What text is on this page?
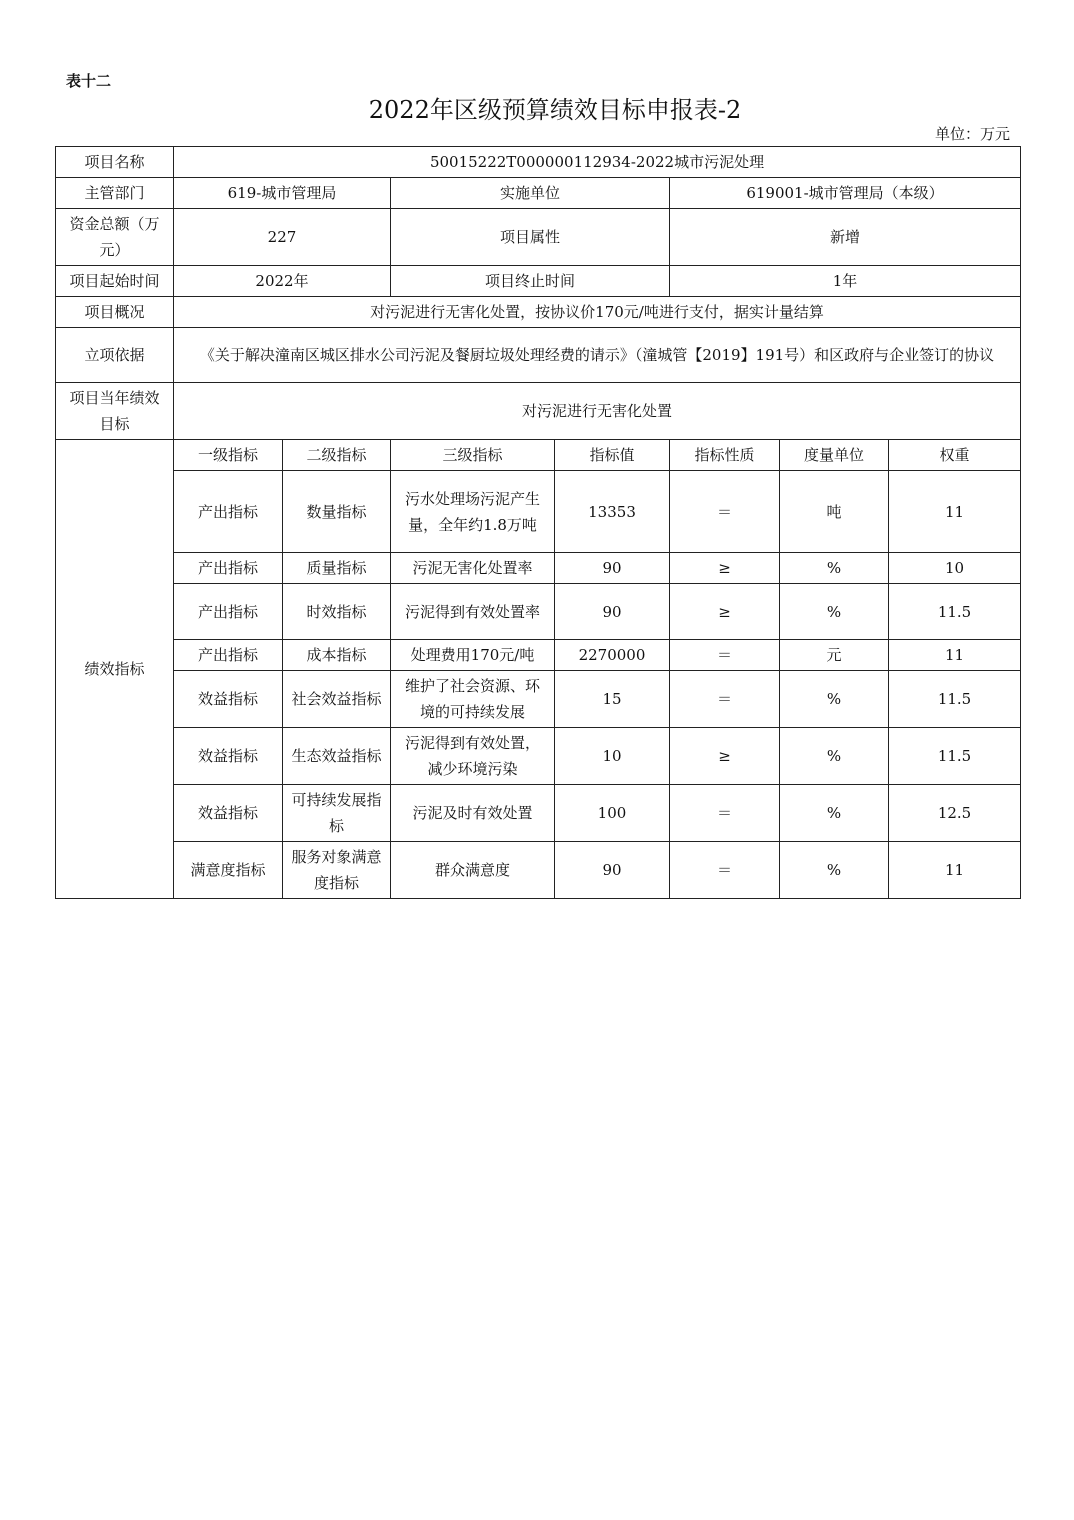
表十二
2022年区级预算绩效目标申报表-2
单位：万元
项目名称	50015222T000000112934-2022城市污泥处理						
主管部门	619-城市管理局		实施单位		619001-城市管理局（本级）		
资金总额（万元）	227		项目属性		新增		
项目起始时间	2022年		项目终止时间		1年		
项目概况	对污泥进行无害化处置，按协议价170元/吨进行支付，据实计量结算						
立项依据	《关于解决潼南区城区排水公司污泥及餐厨垃圾处理经费的请示》（潼城管【2019】191号）和区政府与企业签订的协议						
项目当年绩效目标	对污泥进行无害化处置						
绩效指标	一级指标	二级指标	三级指标	指标值	指标性质	度量单位	权重
	产出指标	数量指标	污水处理场污泥产生量，全年约1.8万吨	13353	＝	吨	11
	产出指标	质量指标	污泥无害化处置率	90	≥	%	10
	产出指标	时效指标	污泥得到有效处置率	90	≥	%	11.5
	产出指标	成本指标	处理费用170元/吨	2270000	＝	元	11
	效益指标	社会效益指标	维护了社会资源、环境的可持续发展	15	＝	%	11.5
	效益指标	生态效益指标	污泥得到有效处置，减少环境污染	10	≥	%	11.5
	效益指标	可持续发展指标	污泥及时有效处置	100	＝	%	12.5
	满意度指标	服务对象满意度指标	群众满意度	90	＝	%	11
